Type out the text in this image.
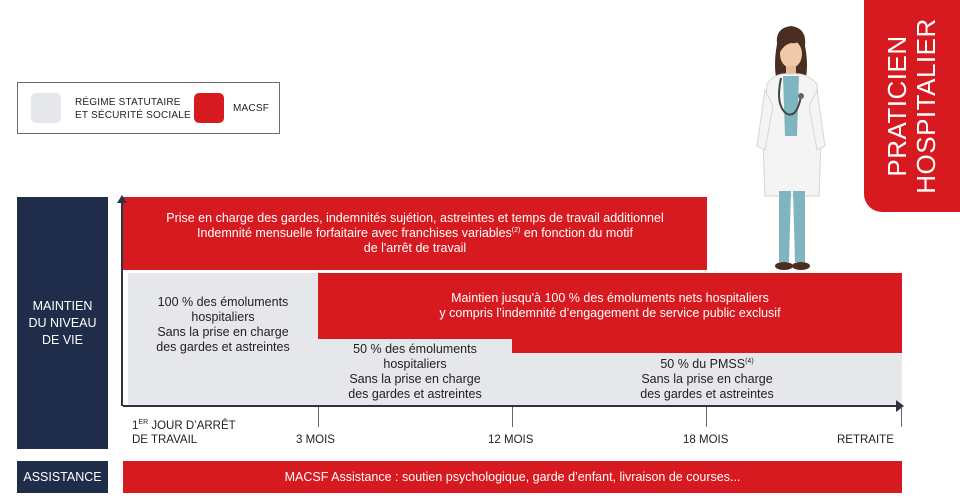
RÉGIME STATUTAIRE
ET SÉCURITÉ SOCIALE
MACSF	PRATICIEN HOSPITALIER
MAINTIEN
DU NIVEAU
DE VIE
ASSISTANCE
Prise en charge des gardes, indemnités sujétion, astreintes et temps de travail additionnel
Indemnité mensuelle forfaitaire avec franchises variables$^{(2)}$ en fonction du motif
de l'arrêt de travail
100 % des émoluments
hospitaliers
Sans la prise en charge
des gardes et astreintes
Maintien jusqu'à 100 % des émoluments nets hospitaliers
y compris l’indemnité d’engagement de service public exclusif
50 % des émoluments
hospitaliers
Sans la prise en charge
des gardes et astreintes
50 % du PMSS$^{(4)}$
Sans la prise en charge
des gardes et astreintes
1ER JOUR D’ARRÊT
DE TRAVAIL	3 MOIS	12 MOIS	18 MOIS	RETRAITE
MACSF Assistance : soutien psychologique, garde d’enfant, livraison de courses...
